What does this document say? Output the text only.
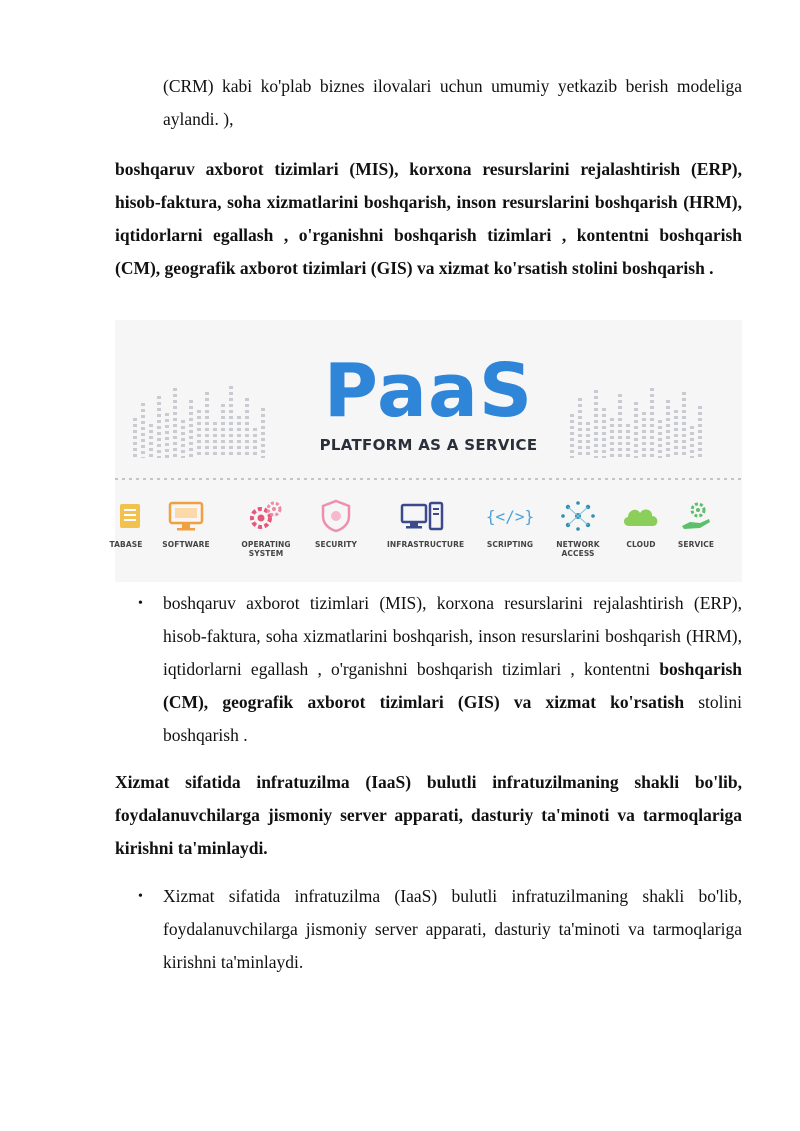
(CRM) kabi ko'plab biznes ilovalari uchun umumiy yetkazib berish modeliga aylandi. ),

boshqaruv axborot tizimlari (MIS), korxona resurslarini rejalashtirish (ERP), hisob-faktura, soha xizmatlarini boshqarish, inson resurslarini boshqarish (HRM), iqtidorlarni egallash , o'rganishni boshqarish tizimlari , kontentni boshqarish (CM), geografik axborot tizimlari (GIS) va xizmat ko'rsatish stolini boshqarish .

PaaS
PLATFORM AS A SERVICE
TABASE	SOFTWARE	OPERATING SYSTEM
SECURITY	INFRASTRUCTURE
{</>}
SCRIPTING	NETWORK ACCESS
CLOUD	SERVICE
• boshqaruv axborot tizimlari (MIS), korxona resurslarini rejalashtirish (ERP), hisob-faktura, soha xizmatlarini boshqarish, inson resurslarini boshqarish (HRM), iqtidorlarni egallash , o'rganishni boshqarish tizimlari , kontentni boshqarish (CM), geografik axborot tizimlari (GIS) va xizmat ko'rsatish stolini boshqarish .

Xizmat sifatida infratuzilma (IaaS) bulutli infratuzilmaning shakli bo'lib, foydalanuvchilarga jismoniy server apparati, dasturiy ta'minoti va tarmoqlariga kirishni ta'minlaydi.

• Xizmat sifatida infratuzilma (IaaS) bulutli infratuzilmaning shakli bo'lib, foydalanuvchilarga jismoniy server apparati, dasturiy ta'minoti va tarmoqlariga kirishni ta'minlaydi.
